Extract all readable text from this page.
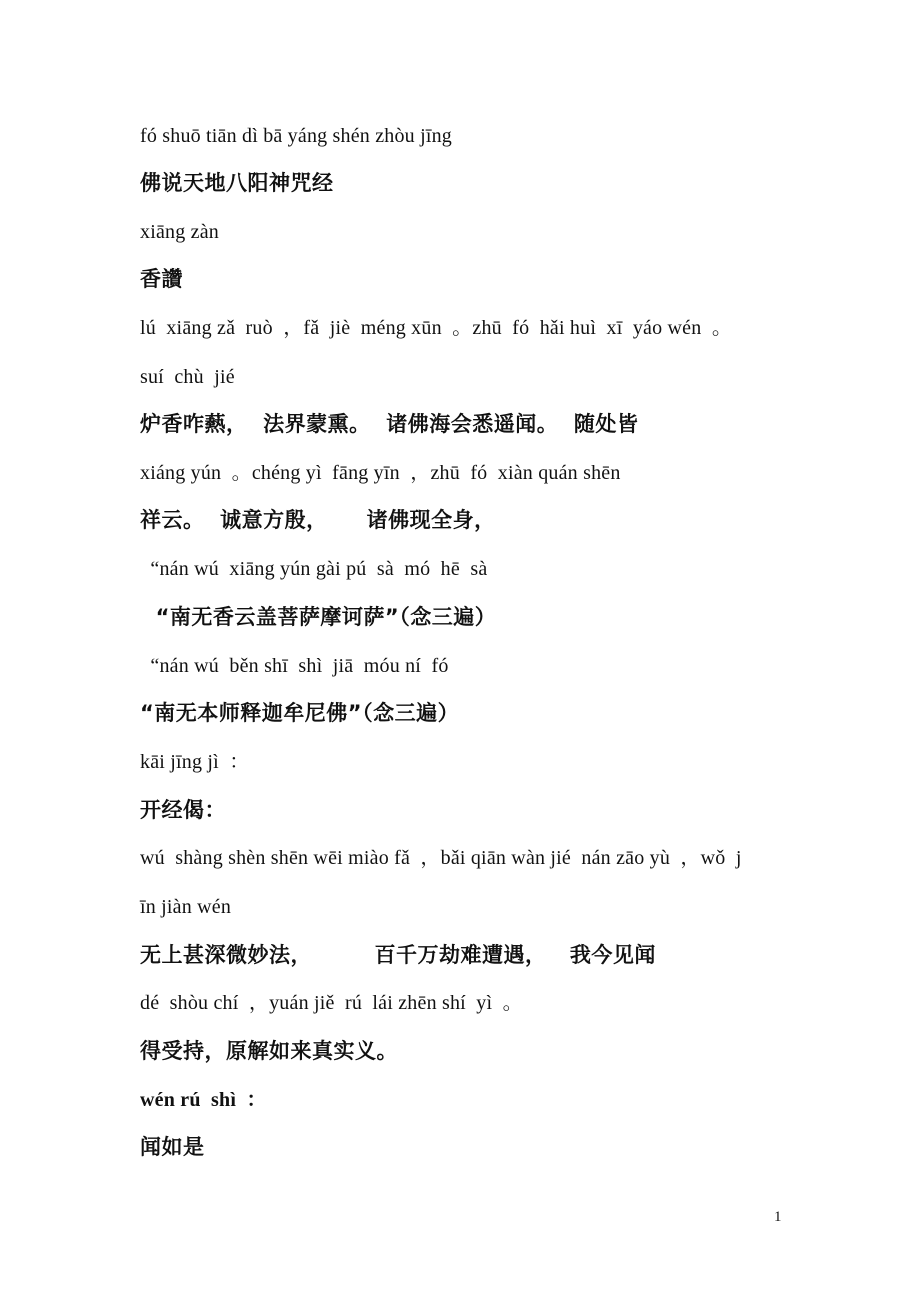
fó shuō tiān dì bā yáng shén zhòu jīng
佛说天地八阳神咒经
xiāng zàn
香讚
lú  xiāng zǎ  ruò  ，fǎ  jiè  méng xūn  。zhū  fó  hǎi huì  xī  yáo wén  。
suí  chù  jié
炉香咋爇，  法界蒙熏。  诸佛海会悉遥闻。  随处皆
xiáng yún  。chéng yì  fāng yīn  ，zhū  fó  xiàn quán shēn
祥云。  诚意方殷，     诸佛现全身，
“nán wú  xiāng yún gài pú  sà  mó  hē  sà
“南无香云盖菩萨摩诃萨”（念三遍）
“nán wú  běn shī  shì  jiā  móu ní  fó
“南无本师释迦牟尼佛”（念三遍）
kāi jīng jì  ：
开经偈：
wú  shàng shèn shēn wēi miào fǎ  ，bǎi qiān wàn jié  nán zāo yù  ，wǒ  j
īn jiàn wén
无上甚深微妙法，        百千万劫难遭遇，   我今见闻
dé  shòu chí  ，yuán jiě  rú  lái zhēn shí  yì  。
得受持，原解如来真实义。
wén rú  shì  ：
闻如是
1
